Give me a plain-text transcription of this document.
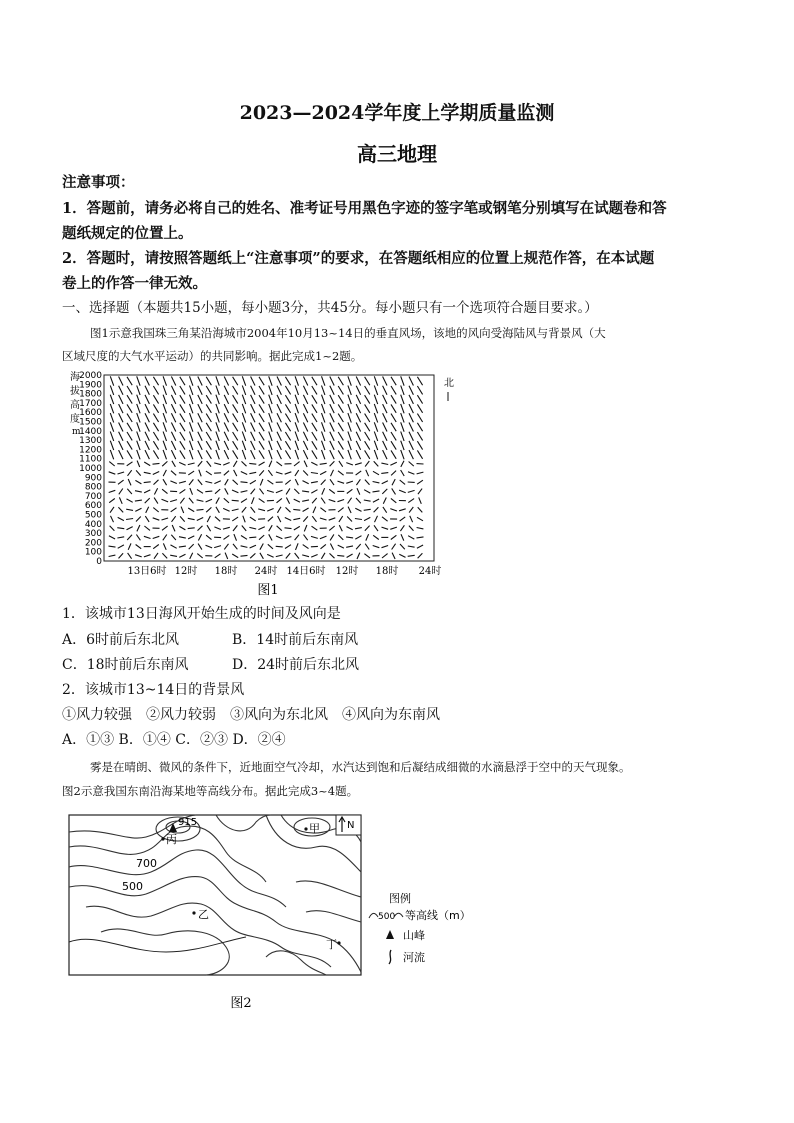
2023—2024学年度上学期质量监测
高三地理
注意事项：
1．答题前，请务必将自己的姓名、准考证号用黑色字迹的签字笔或钢笔分别填写在试题卷和答
题纸规定的位置上。
2．答题时，请按照答题纸上“注意事项”的要求，在答题纸相应的位置上规范作答，在本试题
卷上的作答一律无效。
一、选择题（本题共15小题，每小题3分，共45分。每小题只有一个选项符合题目要求。）
图1示意我国珠三角某沿海城市2004年10月13~14日的垂直风场，该地的风向受海陆风与背景风（大
区域尺度的大气水平运动）的共同影响。据此完成1~2题。
海
拔
高
度
m
2000
1900
1800
1700
1600
1500
1400
1300
1200
1100
1000
900
800
700
600
500
400
300
200
100
0
北
13日6时 12时 18时 24时 14日6时 12时 18时 24时
图1
1．该城市13日海风开始生成的时间及风向是
A．6时前后东北风	B．14时前后东南风
C．18时前后东南风	D．24时前后东北风
2．该城市13~14日的背景风
①风力较强　②风力较弱　③风向为东北风　④风向为东南风
A．①③ B．①④ C．②③ D．②④
雾是在晴朗、微风的条件下，近地面空气冷却，水汽达到饱和后凝结成细微的水滴悬浮于空中的天气现象。
图2示意我国东南沿海某地等高线分布。据此完成3~4题。
915
丙
700
500
乙
甲
丁
N
图例
500 等高线（m）
山峰
河流
图2
